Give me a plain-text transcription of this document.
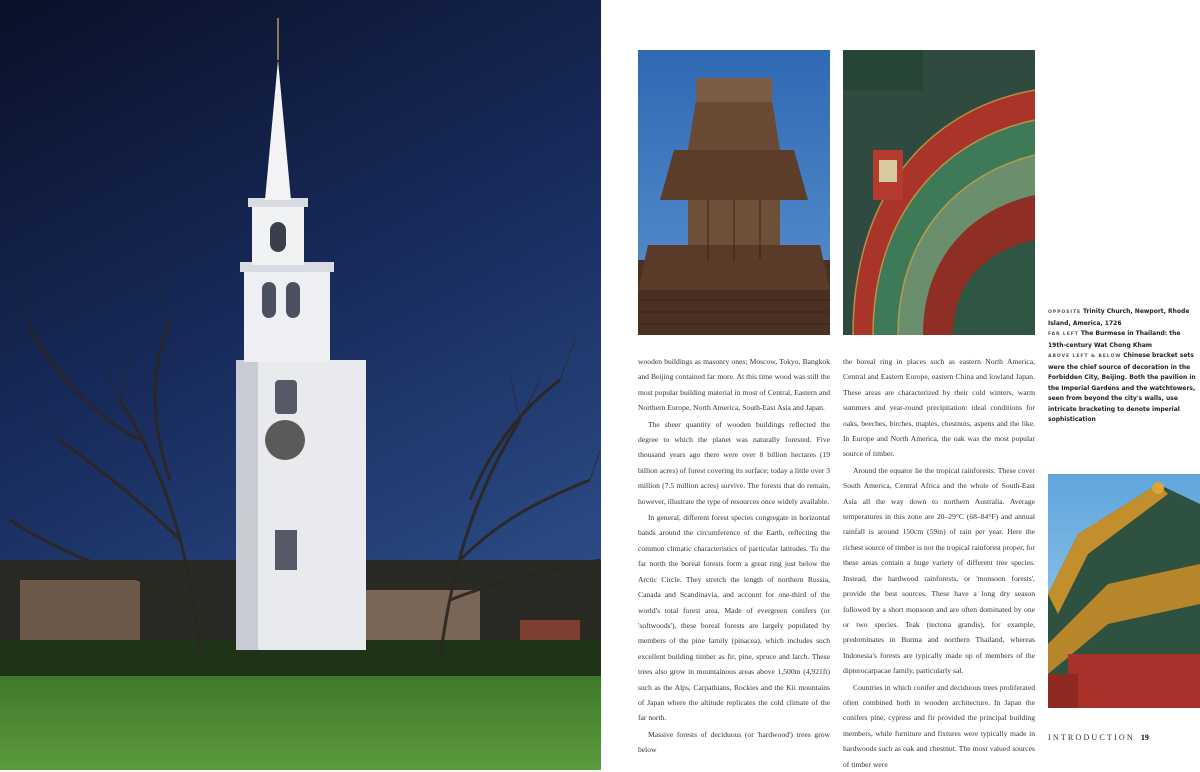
wooden buildings as masonry ones; Moscow, Tokyo, Bangkok and Beijing contained far more. At this time wood was still the most popular building material in most of Central, Eastern and Northern Europe, North America, South-East Asia and Japan.

The sheer quantity of wooden buildings reflected the degree to which the planet was naturally forested. Five thousand years ago there were over 8 billion hectares (19 billion acres) of forest covering its surface; today a little over 3 million (7.5 million acres) survive. The forests that do remain, however, illustrate the type of resources once widely available.

In general, different forest species congregate in horizontal bands around the circumference of the Earth, reflecting the common climatic characteristics of particular latitudes. To the far north the boreal forests form a great ring just below the Arctic Circle. They stretch the length of northern Russia, Canada and Scandinavia, and account for one-third of the world's total forest area. Made of evergreen conifers (or 'softwoods'), these boreal forests are largely populated by members of the pine family (pinacea), which includes such excellent building timber as fir, pine, spruce and larch. These trees also grow in mountainous areas above 1,500m (4,921ft) such as the Alps, Carpathians, Rockies and the Kii mountains of Japan where the altitude replicates the cold climate of the far north.

Massive forests of deciduous (or 'hardwood') trees grow below

the boreal ring in places such as eastern North America, Central and Eastern Europe, eastern China and lowland Japan. These areas are characterized by their cold winters, warm summers and year-round precipitation: ideal conditions for oaks, beeches, birches, maples, chestnuts, aspens and the like. In Europe and North America, the oak was the most popular source of timber.

Around the equator lie the tropical rainforests. These cover South America, Central Africa and the whole of South-East Asia all the way down to northern Australia. Average temperatures in this zone are 20–29°C (68–84°F) and annual rainfall is around 150cm (59in) of rain per year. Here the richest source of timber is not the tropical rainforest proper, for these areas contain a huge variety of different tree species. Instead, the hardwood rainforests, or 'monsoon forests', provide the best sources. These have a long dry season followed by a short monsoon and are often dominated by one or two species. Teak (tectona grandis), for example, predominates in Burma and northern Thailand, whereas Indonesia's forests are typically made up of members of the dipterocarpacae family, particularly sal.

Countries in which conifer and deciduous trees proliferated often combined both in wooden architecture. In Japan the conifers pine, cypress and fir provided the principal building members, while furniture and fixtures were typically made in hardwoods such as oak and chestnut. The most valued sources of timber were

OPPOSITE Trinity Church, Newport, Rhode Island, America, 1726
FAR LEFT The Burmese in Thailand: the 19th-century Wat Chong Kham
ABOVE LEFT & BELOW Chinese bracket sets were the chief source of decoration in the Forbidden City, Beijing. Both the pavilion in the Imperial Gardens and the watchtowers, seen from beyond the city's walls, use intricate bracketing to denote imperial sophistication
INTRODUCTION 19
